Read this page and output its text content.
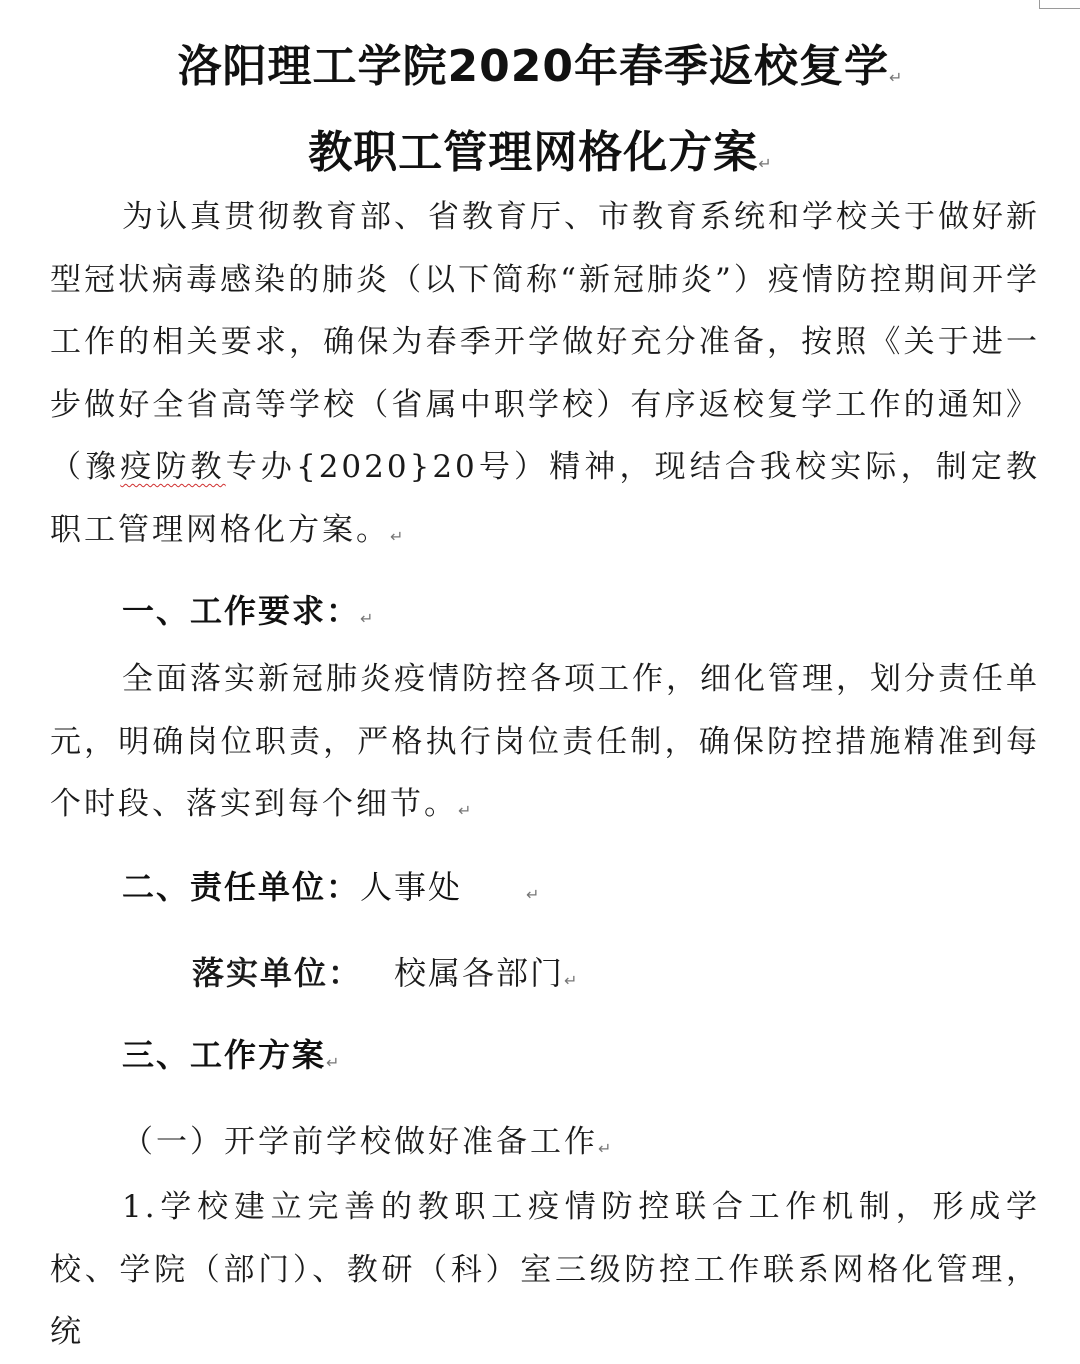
洛阳理工学院2020年春季返校复学↵
教职工管理网格化方案↵
为认真贯彻教育部、省教育厅、市教育系统和学校关于做好新型冠状病毒感染的肺炎（以下简称“新冠肺炎”）疫情防控期间开学工作的相关要求，确保为春季开学做好充分准备，按照《关于进一步做好全省高等学校（省属中职学校）有序返校复学工作的通知》（豫疫防教专办{2020}20号）精神，现结合我校实际，制定教职工管理网格化方案。↵
一、工作要求：↵
全面落实新冠肺炎疫情防控各项工作，细化管理，划分责任单元，明确岗位职责，严格执行岗位责任制，确保防控措施精准到每个时段、落实到每个细节。↵
二、责任单位：人事处	↵
落实单位： 校属各部门↵
三、工作方案↵
（一）开学前学校做好准备工作↵
1.学校建立完善的教职工疫情防控联合工作机制，形成学校、学院（部门）、教研（科）室三级防控工作联系网格化管理，统
